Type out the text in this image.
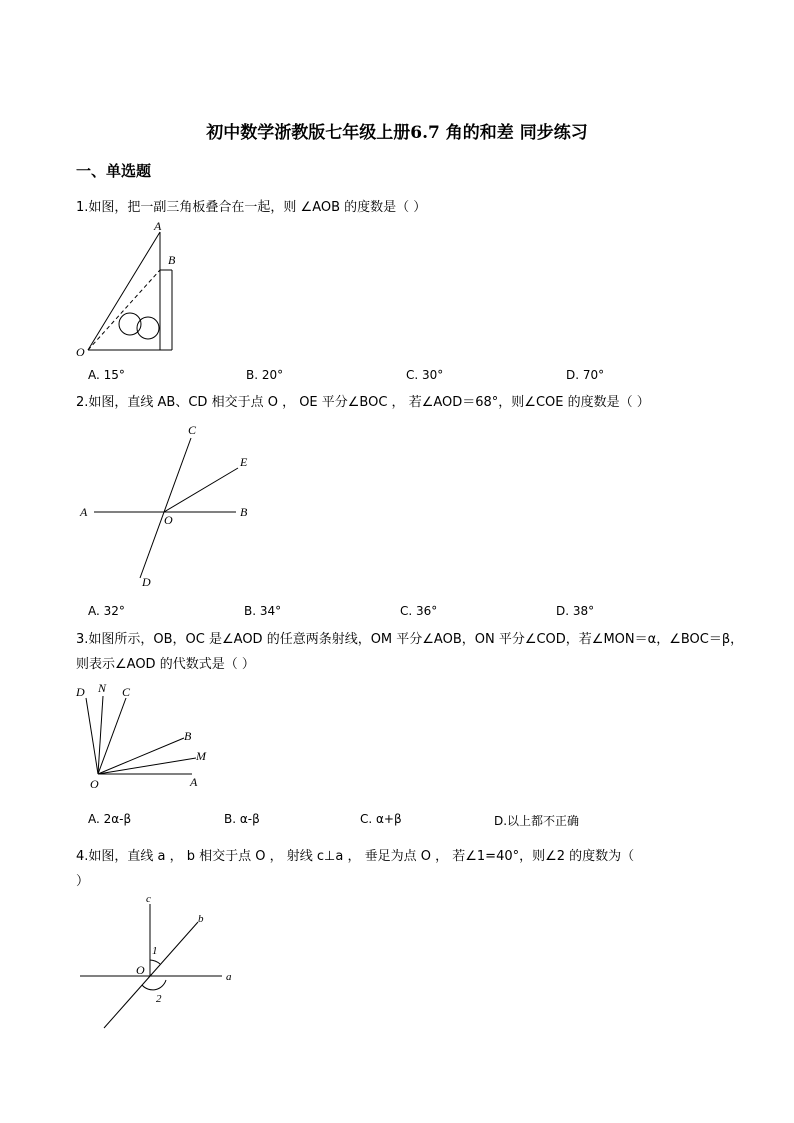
初中数学浙教版七年级上册6.7 角的和差 同步练习
一、单选题
1.如图，把一副三角板叠合在一起，则 ∠AOB 的度数是（ ）
A
B
O
A. 15°	B. 20°	C. 30°	D. 70°
2.如图，直线 AB、CD 相交于点 O ， OE 平分∠BOC ， 若∠AOD＝68°，则∠COE 的度数是（ ）
A	B
C
D
E
O
A. 32°	B. 34°	C. 36°	D. 38°
3.如图所示，OB，OC 是∠AOD 的任意两条射线，OM 平分∠AOB，ON 平分∠COD，若∠MON＝α，∠BOC＝β，
则表示∠AOD 的代数式是（ ）
D N C
B
M
A
O
A. 2α-β	B. α-β	C. α+β	D.以上都不正确
4.如图，直线 a ， b 相交于点 O ， 射线 c⊥a ， 垂足为点 O ， 若∠1=40°，则∠2 的度数为（
）
c
b
1
O	a
2
